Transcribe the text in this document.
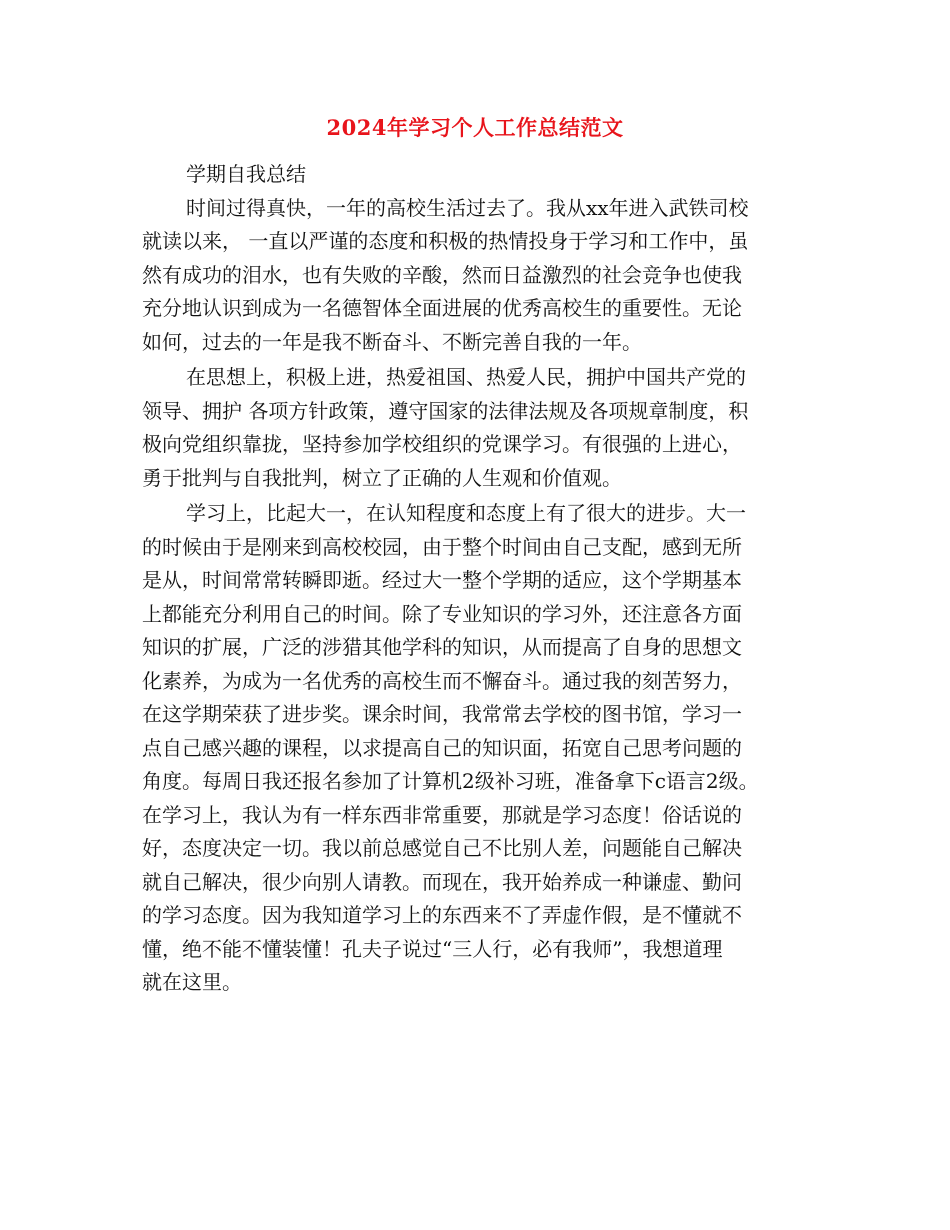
2024年学习个人工作总结范文

学期自我总结

时间过得真快，一年的高校生活过去了。我从xx年进入武铁司校

就读以来， 一直以严谨的态度和积极的热情投身于学习和工作中，虽

然有成功的泪水，也有失败的辛酸，然而日益激烈的社会竞争也使我

充分地认识到成为一名德智体全面进展的优秀高校生的重要性。无论

如何，过去的一年是我不断奋斗、不断完善自我的一年。

在思想上，积极上进，热爱祖国、热爱人民，拥护中国共产党的

领导、拥护 各项方针政策，遵守国家的法律法规及各项规章制度，积

极向党组织靠拢，坚持参加学校组织的党课学习。有很强的上进心，

勇于批判与自我批判，树立了正确的人生观和价值观。

学习上，比起大一，在认知程度和态度上有了很大的进步。大一

的时候由于是刚来到高校校园，由于整个时间由自己支配，感到无所

是从，时间常常转瞬即逝。经过大一整个学期的适应，这个学期基本

上都能充分利用自己的时间。除了专业知识的学习外，还注意各方面

知识的扩展，广泛的涉猎其他学科的知识，从而提高了自身的思想文

化素养，为成为一名优秀的高校生而不懈奋斗。通过我的刻苦努力，

在这学期荣获了进步奖。课余时间，我常常去学校的图书馆，学习一

点自己感兴趣的课程，以求提高自己的知识面，拓宽自己思考问题的

角度。每周日我还报名参加了计算机2级补习班，准备拿下c语言2级。

在学习上，我认为有一样东西非常重要，那就是学习态度！俗话说的

好，态度决定一切。我以前总感觉自己不比别人差，问题能自己解决

就自己解决，很少向别人请教。而现在，我开始养成一种谦虚、勤问

的学习态度。因为我知道学习上的东西来不了弄虚作假，是不懂就不

懂，绝不能不懂装懂！孔夫子说过“三人行，必有我师”，我想道理

就在这里。
